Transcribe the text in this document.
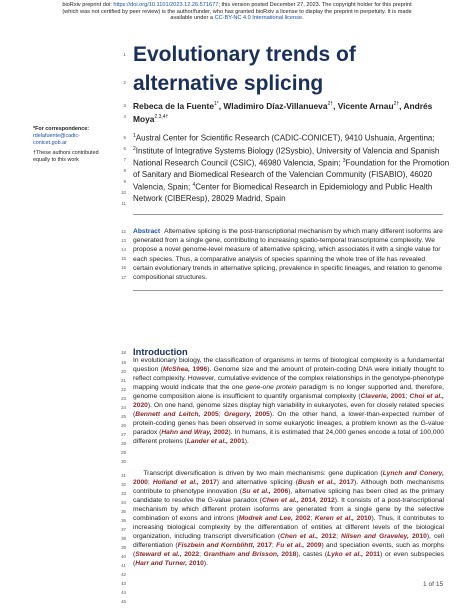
bioRxiv preprint doi: https://doi.org/10.1101/2023.12.26.571677; this version posted December 27, 2023. The copyright holder for this preprint
(which was not certified by peer review) is the author/funder, who has granted bioRxiv a license to display the preprint in perpetuity. It is made
available under a CC-BY-NC 4.0 International license.
1
2
3
4
5
6
7
8
9
10
11
12
13
14
15
16
17
18
19
20
21
22
23
24
25
26
27
28
29
30
31
32
33
34
35
36
37
38
39
40
41
42
43
44
45
Evolutionary trends of alternative splicing
Rebeca de la Fuente$^{1*}$, Wladimiro Díaz-Villanueva$^{2\dagger}$, Vicente Arnau$^{2\dagger}$, Andrés Moya$^{2,3,4\dagger}$
*For correspondence:
rdelafuente@cadic-conicet.gob.ar
†These authors contributed equally to this work

$^1$Austral Center for Scientific Research (CADIC-CONICET), 9410 Ushuaia, Argentina; $^2$Institute of Integrative Systems Biology (I2Sysbio), University of Valencia and Spanish National Research Council (CSIC), 46980 Valencia, Spain; $^3$Foundation for the Promotion of Sanitary and Biomedical Research of the Valencian Community (FISABIO), 46020 Valencia, Spain; $^4$Center for Biomedical Research in Epidemiology and Public Health Network (CIBEResp), 28029 Madrid, Spain

Abstract Alternative splicing is the post-transcriptional mechanism by which many different isoforms are generated from a single gene, contributing to increasing spatio-temporal transcriptome complexity. We propose a novel genome-level measure of alternative splicing, which associates it with a single value for each species. Thus, a comparative analysis of species spanning the whole tree of life has revealed certain evolutionary trends in alternative splicing, prevalence in specific lineages, and relation to genome compositional structures.
Introduction

In evolutionary biology, the classification of organisms in terms of biological complexity is a fundamental question (McShea, 1996). Genome size and the amount of protein-coding DNA were initially thought to reflect complexity. However, cumulative evidence of the complex relationships in the genotype-phenotype mapping would indicate that the one gene-one protein paradigm is no longer supported and, therefore, genome composition alone is insufficient to quantify organismal complexity (Claverie, 2001; Choi et al., 2020). On one hand, genome sizes display high variability in eukaryotes, even for closely related species (Bennett and Leitch, 2005; Gregory, 2005). On the other hand, a lower-than-expected number of protein-coding genes has been observed in some eukaryotic lineages, a problem known as the G-value paradox (Hahn and Wray, 2002). In humans, it is estimated that 24,000 genes encode a total of 100,000 different proteins (Lander et al., 2001).

Transcript diversification is driven by two main mechanisms: gene duplication (Lynch and Conery, 2000; Holland et al., 2017) and alternative splicing (Bush et al., 2017). Although both mechanisms contribute to phenotype innovation (Su et al., 2006), alternative splicing has been cited as the primary candidate to resolve the G-value paradox (Chen et al., 2014, 2012). It consists of a post-transcriptional mechanism by which different protein isoforms are generated from a single gene by the selective combination of exons and introns (Modrek and Lee, 2002; Keren et al., 2010). Thus, it contributes to increasing biological complexity by the differentiation of entities at different levels of the biological organization, including transcript diversification (Chen et al., 2012; Nilsen and Graveley, 2010), cell differentiation (Fiszbein and Kornblihtt, 2017; Fu et al., 2009) and speciation events, such as morphs (Steward et al., 2022; Grantham and Brisson, 2018), castes (Lyko et al., 2011) or even subspecies (Harr and Turner, 2010).

1 of 15
